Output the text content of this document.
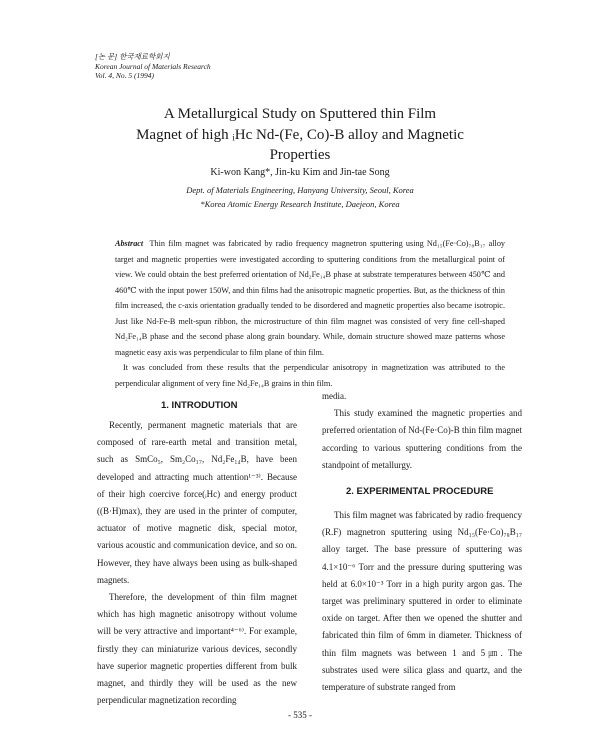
[논 문] 한국재료학회지
Korean Journal of Materials Research
Vol. 4, No. 5 (1994)
A Metallurgical Study on Sputtered thin Film
Magnet of high ᵢHc Nd-(Fe, Co)-B alloy and Magnetic
Properties
Ki-won Kang*, Jin-ku Kim and Jin-tae Song
Dept. of Materials Engineering, Hanyang University, Seoul, Korea
*Korea Atomic Energy Research Institute, Daejeon, Korea

Abstract Thin film magnet was fabricated by radio frequency magnetron sputtering using Nd₁₅(Fe·Co)₇₈B₁₇ alloy target and magnetic properties were investigated according to sputtering conditions from the metallurgical point of view. We could obtain the best preferred orientation of Nd₂Fe₁₄B phase at substrate temperatures between 450℃ and 460℃ with the input power 150W, and thin films had the anisotropic magnetic properties. But, as the thickness of thin film increased, the c-axis orientation gradually tended to be disordered and magnetic properties also became isotropic. Just like Nd-Fe-B melt-spun ribbon, the microstructure of thin film magnet was consisted of very fine cell-shaped Nd₂Fe₁₄B phase and the second phase along grain boundary. While, domain structure showed maze patterns whose magnetic easy axis was perpendicular to film plane of thin film.

It was concluded from these results that the perpendicular anisotropy in magnetization was attributed to the perpendicular alignment of very fine Nd₂Fe₁₄B grains in thin film.

1. INTRODUTION

Recently, permanent magnetic materials that are composed of rare-earth metal and transition metal, such as SmCo₅, Sm₂Co₁₇, Nd₂Fe₁₄B, have been developed and attracting much attention¹⁻³⁾. Because of their high coercive force(ᵢHc) and energy product ((B·H)max), they are used in the printer of computer, actuator of motive magnetic disk, special motor, various acoustic and communication device, and so on. However, they have always been using as bulk-shaped magnets.

Therefore, the development of thin film magnet which has high magnetic anisotropy without volume will be very attractive and important⁴⁻⁶⁾. For example, firstly they can miniaturize various devices, secondly have superior magnetic properties different from bulk magnet, and thirdly they will be used as the new perpendicular magnetization recording

media.

This study examined the magnetic properties and preferred orientation of Nd-(Fe·Co)-B thin film magnet according to various sputtering conditions from the standpoint of metallurgy.

2. EXPERIMENTAL PROCEDURE

This film magnet was fabricated by radio frequency (R.F) magnetron sputtering using Nd₁₅(Fe·Co)₇₈B₁₇ alloy target. The base pressure of sputtering was 4.1×10⁻⁶ Torr and the pressure during sputtering was held at 6.0×10⁻³ Torr in a high purity argon gas. The target was preliminary sputtered in order to eliminate oxide on target. After then we opened the shutter and fabricated thin film of 6mm in diameter. Thickness of thin film magnets was between 1 and 5㎛. The substrates used were silica glass and quartz, and the temperature of substrate ranged from

- 535 -
